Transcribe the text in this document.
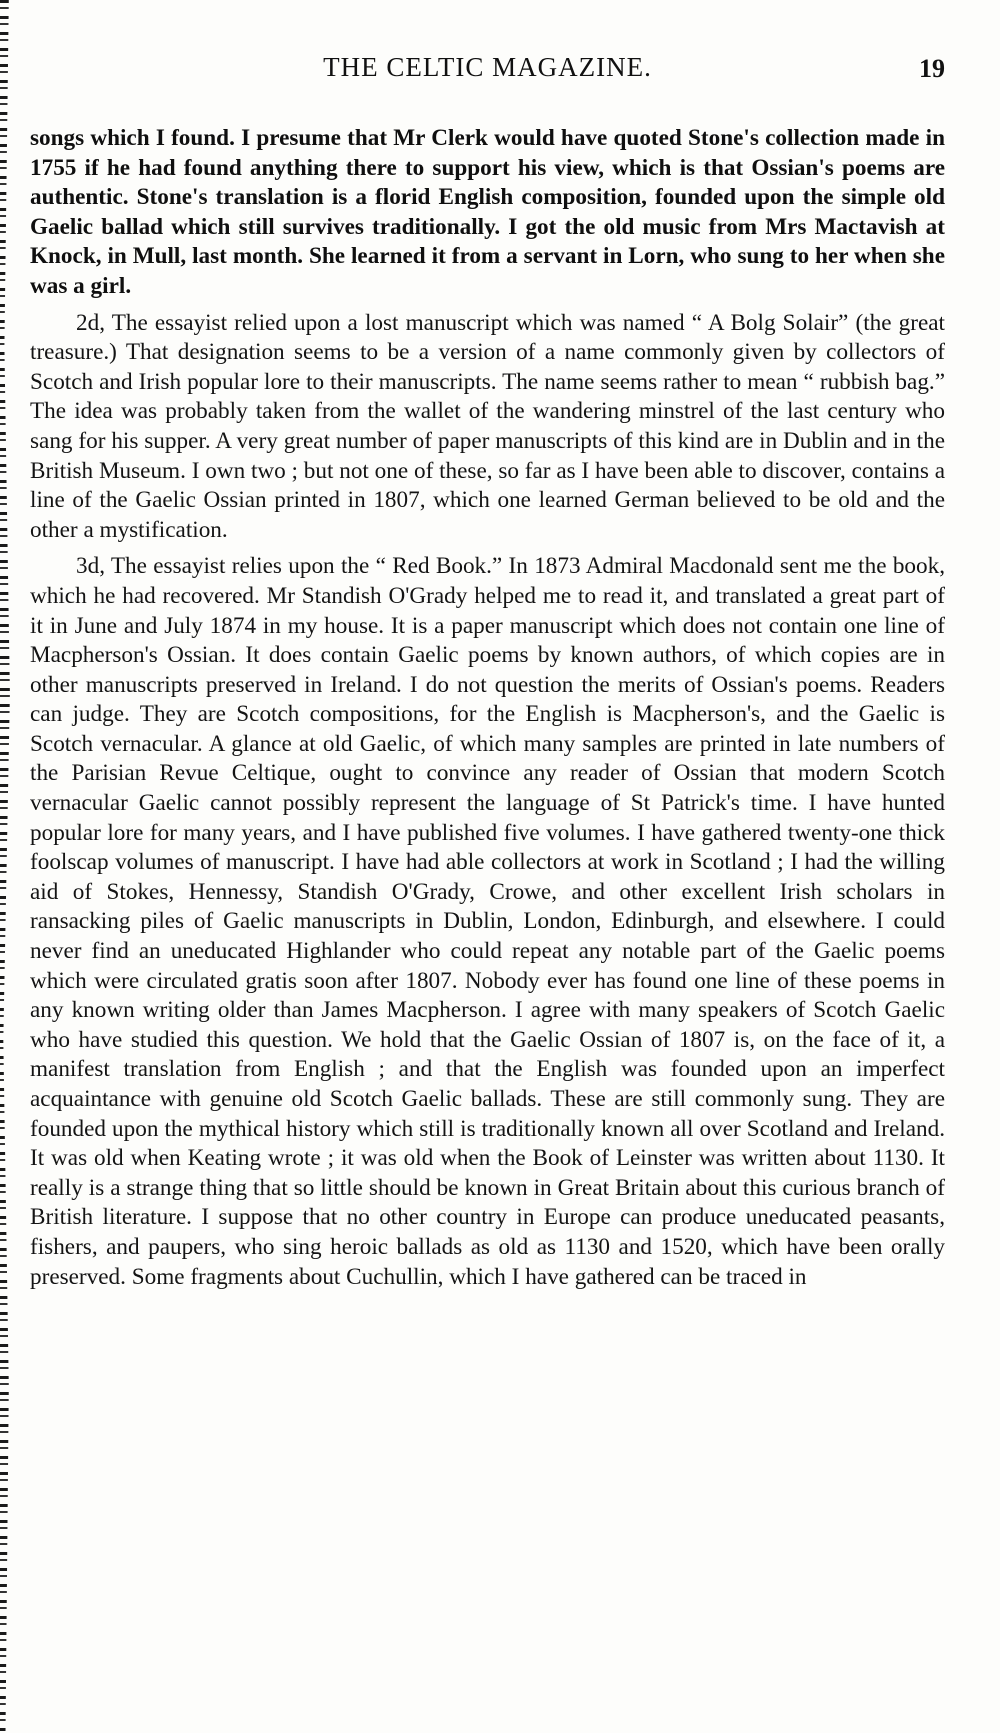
THE CELTIC MAGAZINE.	19

songs which I found. I presume that Mr Clerk would have quoted Stone's collection made in 1755 if he had found anything there to support his view, which is that Ossian's poems are authentic. Stone's translation is a florid English composition, founded upon the simple old Gaelic ballad which still survives traditionally. I got the old music from Mrs Mactavish at Knock, in Mull, last month. She learned it from a servant in Lorn, who sung to her when she was a girl.

2d, The essayist relied upon a lost manuscript which was named “ A Bolg Solair” (the great treasure.) That designation seems to be a version of a name commonly given by collectors of Scotch and Irish popular lore to their manuscripts. The name seems rather to mean “ rubbish bag.” The idea was probably taken from the wallet of the wandering minstrel of the last century who sang for his supper. A very great number of paper manuscripts of this kind are in Dublin and in the British Museum. I own two ; but not one of these, so far as I have been able to discover, contains a line of the Gaelic Ossian printed in 1807, which one learned German believed to be old and the other a mystification.

3d, The essayist relies upon the “ Red Book.” In 1873 Admiral Macdonald sent me the book, which he had recovered. Mr Standish O'Grady helped me to read it, and translated a great part of it in June and July 1874 in my house. It is a paper manuscript which does not contain one line of Macpherson's Ossian. It does contain Gaelic poems by known authors, of which copies are in other manuscripts preserved in Ireland. I do not question the merits of Ossian's poems. Readers can judge. They are Scotch compositions, for the English is Macpherson's, and the Gaelic is Scotch vernacular. A glance at old Gaelic, of which many samples are printed in late numbers of the Parisian Revue Celtique, ought to convince any reader of Ossian that modern Scotch vernacular Gaelic cannot possibly represent the language of St Patrick's time. I have hunted popular lore for many years, and I have published five volumes. I have gathered twenty-one thick foolscap volumes of manuscript. I have had able collectors at work in Scotland ; I had the willing aid of Stokes, Hennessy, Standish O'Grady, Crowe, and other excellent Irish scholars in ransacking piles of Gaelic manuscripts in Dublin, London, Edinburgh, and elsewhere. I could never find an uneducated Highlander who could repeat any notable part of the Gaelic poems which were circulated gratis soon after 1807. Nobody ever has found one line of these poems in any known writing older than James Macpherson. I agree with many speakers of Scotch Gaelic who have studied this question. We hold that the Gaelic Ossian of 1807 is, on the face of it, a manifest translation from English ; and that the English was founded upon an imperfect acquaintance with genuine old Scotch Gaelic ballads. These are still commonly sung. They are founded upon the mythical history which still is traditionally known all over Scotland and Ireland. It was old when Keating wrote ; it was old when the Book of Leinster was written about 1130. It really is a strange thing that so little should be known in Great Britain about this curious branch of British literature. I suppose that no other country in Europe can produce uneducated peasants, fishers, and paupers, who sing heroic ballads as old as 1130 and 1520, which have been orally preserved. Some fragments about Cuchullin, which I have gathered can be traced in
